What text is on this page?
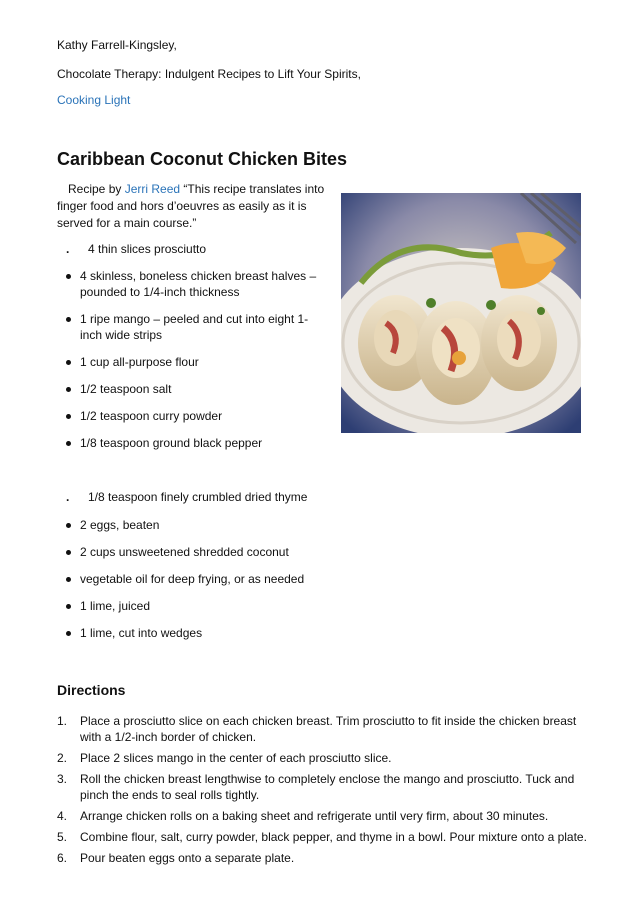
Kathy Farrell-Kingsley,

Chocolate Therapy: Indulgent Recipes to Lift Your Spirits,

Cooking Light

Caribbean Coconut Chicken Bites

Recipe by Jerri Reed “This recipe translates into finger food and hors d’oeuvres as easily as it is served for a main course.”

. 4 thin slices prosciutto

4 skinless, boneless chicken breast halves – pounded to 1/4-inch thickness
1 ripe mango – peeled and cut into eight 1-inch wide strips
1 cup all-purpose flour
1/2 teaspoon salt
1/2 teaspoon curry powder
1/8 teaspoon ground black pepper

. 1/8 teaspoon finely crumbled dried thyme

2 eggs, beaten
2 cups unsweetened shredded coconut
vegetable oil for deep frying, or as needed
1 lime, juiced
1 lime, cut into wedges
Directions
1.	Place a prosciutto slice on each chicken breast. Trim prosciutto to fit inside the chicken breast with a 1/2-inch border of chicken.
2.	Place 2 slices mango in the center of each prosciutto slice.
3.	Roll the chicken breast lengthwise to completely enclose the mango and prosciutto. Tuck and pinch the ends to seal rolls tightly.
4.	Arrange chicken rolls on a baking sheet and refrigerate until very firm, about 30 minutes.
5.	Combine flour, salt, curry powder, black pepper, and thyme in a bowl. Pour mixture onto a plate.
6.	Pour beaten eggs onto a separate plate.
